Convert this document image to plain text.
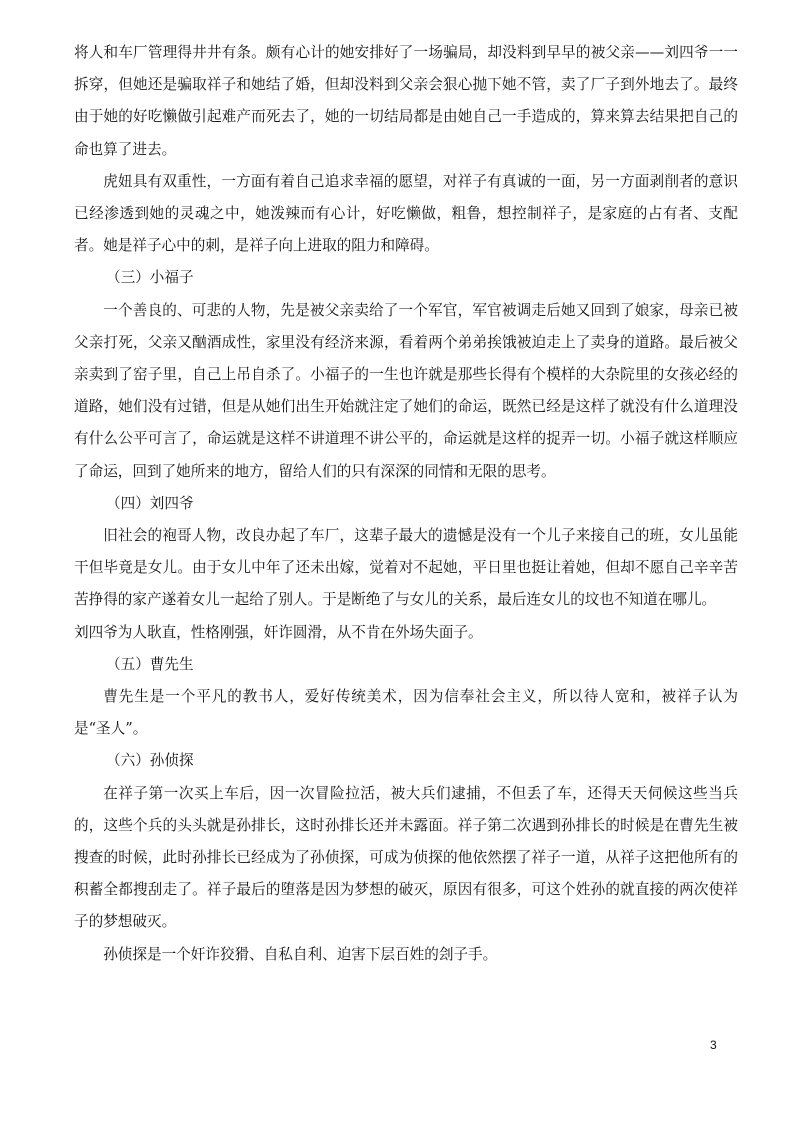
将人和车厂管理得井井有条。颇有心计的她安排好了一场骗局，却没料到早早的被父亲——刘四爷一一拆穿，但她还是骗取祥子和她结了婚，但却没料到父亲会狠心抛下她不管，卖了厂子到外地去了。最终由于她的好吃懒做引起难产而死去了，她的一切结局都是由她自己一手造成的，算来算去结果把自己的命也算了进去。

虎妞具有双重性，一方面有着自己追求幸福的愿望，对祥子有真诚的一面，另一方面剥削者的意识已经渗透到她的灵魂之中，她泼辣而有心计，好吃懒做，粗鲁，想控制祥子，是家庭的占有者、支配者。她是祥子心中的刺，是祥子向上进取的阻力和障碍。

（三）小福子

一个善良的、可悲的人物，先是被父亲卖给了一个军官，军官被调走后她又回到了娘家，母亲已被父亲打死，父亲又酗酒成性，家里没有经济来源，看着两个弟弟挨饿被迫走上了卖身的道路。最后被父亲卖到了窑子里，自己上吊自杀了。小福子的一生也许就是那些长得有个模样的大杂院里的女孩必经的道路，她们没有过错，但是从她们出生开始就注定了她们的命运，既然已经是这样了就没有什么道理没有什么公平可言了，命运就是这样不讲道理不讲公平的，命运就是这样的捉弄一切。小福子就这样顺应了命运，回到了她所来的地方，留给人们的只有深深的同情和无限的思考。

（四）刘四爷

旧社会的袍哥人物，改良办起了车厂，这辈子最大的遗憾是没有一个儿子来接自己的班，女儿虽能干但毕竟是女儿。由于女儿中年了还未出嫁，觉着对不起她，平日里也挺让着她，但却不愿自己辛辛苦苦挣得的家产遂着女儿一起给了别人。于是断绝了与女儿的关系，最后连女儿的坟也不知道在哪儿。

刘四爷为人耿直，性格刚强，奸诈圆滑，从不肯在外场失面子。

（五）曹先生

曹先生是一个平凡的教书人，爱好传统美术，因为信奉社会主义，所以待人宽和，被祥子认为是“圣人”。

（六）孙侦探

在祥子第一次买上车后，因一次冒险拉活，被大兵们逮捕，不但丢了车，还得天天伺候这些当兵的，这些个兵的头头就是孙排长，这时孙排长还并未露面。祥子第二次遇到孙排长的时候是在曹先生被搜查的时候，此时孙排长已经成为了孙侦探，可成为侦探的他依然摆了祥子一道，从祥子这把他所有的积蓄全都搜刮走了。祥子最后的堕落是因为梦想的破灭，原因有很多，可这个姓孙的就直接的两次使祥子的梦想破灭。

孙侦探是一个奸诈狡猾、自私自利、迫害下层百姓的刽子手。

3
